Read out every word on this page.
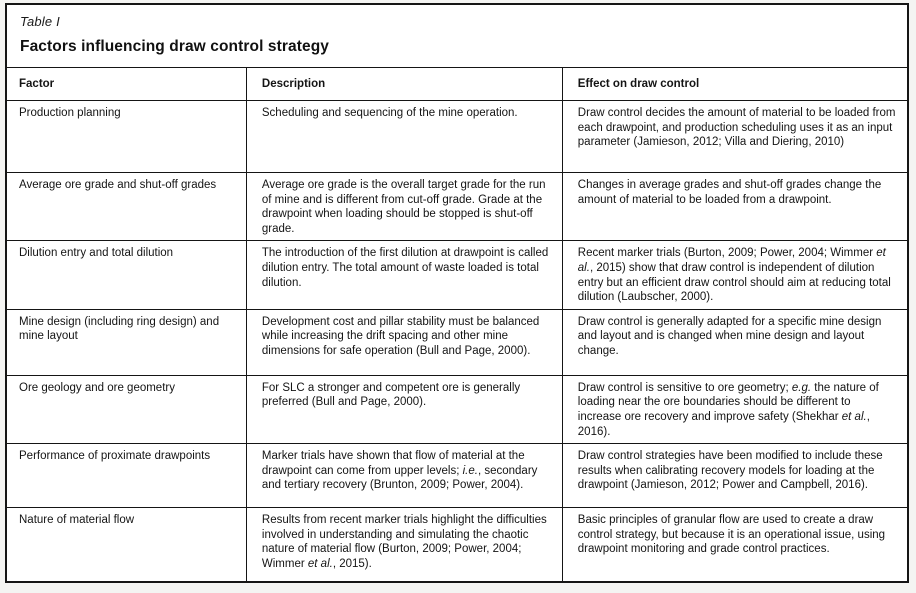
Table I
Factors influencing draw control strategy
Factor	Description	Effect on draw control
Production planning	Scheduling and sequencing of the mine operation.	Draw control decides the amount of material to be loaded from each drawpoint, and production scheduling uses it as an input parameter (Jamieson, 2012; Villa and Diering, 2010)
Average ore grade and shut-off grades	Average ore grade is the overall target grade for the run of mine and is different from cut-off grade. Grade at the drawpoint when loading should be stopped is shut-off grade.	Changes in average grades and shut-off grades change the amount of material to be loaded from a drawpoint.
Dilution entry and total dilution	The introduction of the first dilution at drawpoint is called dilution entry. The total amount of waste loaded is total dilution.	Recent marker trials (Burton, 2009; Power, 2004; Wimmer et al., 2015) show that draw control is independent of dilution entry but an efficient draw control should aim at reducing total dilution (Laubscher, 2000).
Mine design (including ring design) and mine layout	Development cost and pillar stability must be balanced while increasing the drift spacing and other mine dimensions for safe operation (Bull and Page, 2000).	Draw control is generally adapted for a specific mine design and layout and is changed when mine design and layout change.
Ore geology and ore geometry	For SLC a stronger and competent ore is generally preferred (Bull and Page, 2000).	Draw control is sensitive to ore geometry; e.g. the nature of loading near the ore boundaries should be different to increase ore recovery and improve safety (Shekhar et al., 2016).
Performance of proximate drawpoints	Marker trials have shown that flow of material at the drawpoint can come from upper levels; i.e., secondary and tertiary recovery (Brunton, 2009; Power, 2004).	Draw control strategies have been modified to include these results when calibrating recovery models for loading at the drawpoint (Jamieson, 2012; Power and Campbell, 2016).
Nature of material flow	Results from recent marker trials highlight the difficulties involved in understanding and simulating the chaotic nature of material flow (Burton, 2009; Power, 2004; Wimmer et al., 2015).	Basic principles of granular flow are used to create a draw control strategy, but because it is an operational issue, using drawpoint monitoring and grade control practices.
